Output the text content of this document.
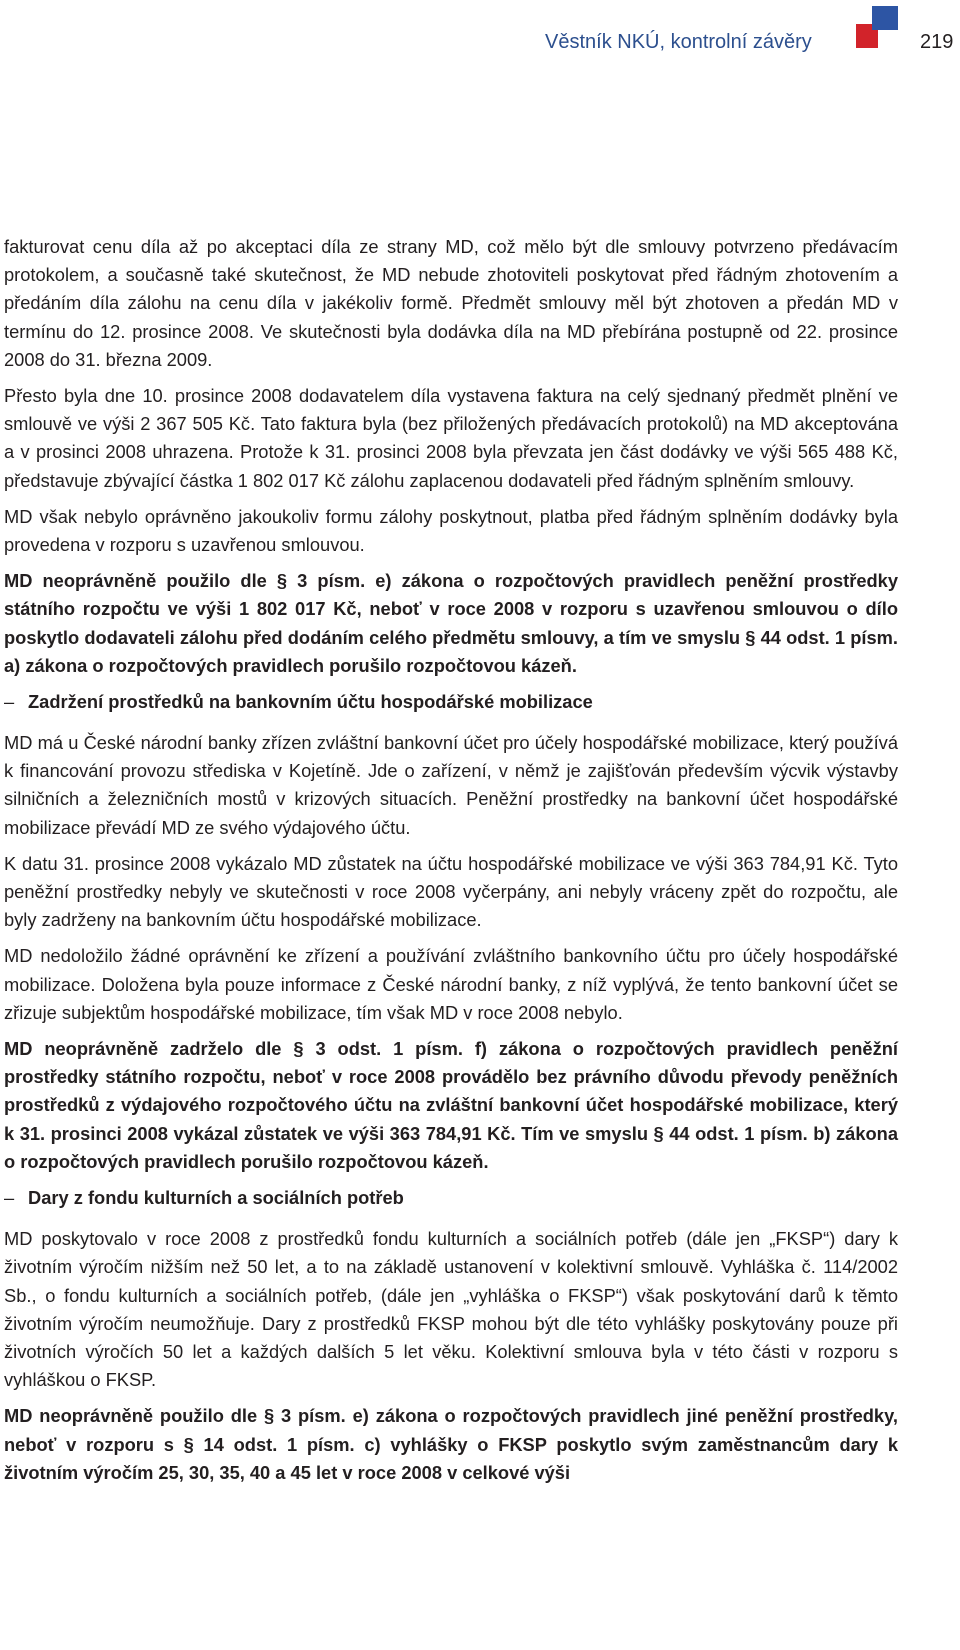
Věstník NKÚ, kontrolní závěry	219

fakturovat cenu díla až po akceptaci díla ze strany MD, což mělo být dle smlouvy potvrzeno předávacím protokolem, a současně také skutečnost, že MD nebude zhotoviteli poskytovat před řádným zhotovením a předáním díla zálohu na cenu díla v jakékoliv formě. Předmět smlouvy měl být zhotoven a předán MD v termínu do 12. prosince 2008. Ve skutečnosti byla dodávka díla na MD přebírána postupně od 22. prosince 2008 do 31. března 2009.

Přesto byla dne 10. prosince 2008 dodavatelem díla vystavena faktura na celý sjednaný předmět plnění ve smlouvě ve výši 2 367 505 Kč. Tato faktura byla (bez přiložených předávacích protokolů) na MD akceptována a v prosinci 2008 uhrazena. Protože k 31. prosinci 2008 byla převzata jen část dodávky ve výši 565 488 Kč, představuje zbývající částka 1 802 017 Kč zálohu zaplacenou dodavateli před řádným splněním smlouvy.

MD však nebylo oprávněno jakoukoliv formu zálohy poskytnout, platba před řádným splněním dodávky byla provedena v rozporu s uzavřenou smlouvou.

MD neoprávněně použilo dle § 3 písm. e) zákona o rozpočtových pravidlech peněžní prostředky státního rozpočtu ve výši 1 802 017 Kč, neboť v roce 2008 v rozporu s uzavřenou smlouvou o dílo poskytlo dodavateli zálohu před dodáním celého předmětu smlouvy, a tím ve smyslu § 44 odst. 1 písm. a) zákona o rozpočtových pravidlech porušilo rozpočtovou kázeň.

– Zadržení prostředků na bankovním účtu hospodářské mobilizace

MD má u České národní banky zřízen zvláštní bankovní účet pro účely hospodářské mobilizace, který používá k financování provozu střediska v Kojetíně. Jde o zařízení, v němž je zajišťován především výcvik výstavby silničních a železničních mostů v krizových situacích. Peněžní prostředky na bankovní účet hospodářské mobilizace převádí MD ze svého výdajového účtu.

K datu 31. prosince 2008 vykázalo MD zůstatek na účtu hospodářské mobilizace ve výši 363 784,91 Kč. Tyto peněžní prostředky nebyly ve skutečnosti v roce 2008 vyčerpány, ani nebyly vráceny zpět do rozpočtu, ale byly zadrženy na bankovním účtu hospodářské mobilizace.

MD nedoložilo žádné oprávnění ke zřízení a používání zvláštního bankovního účtu pro účely hospodářské mobilizace. Doložena byla pouze informace z České národní banky, z níž vyplývá, že tento bankovní účet se zřizuje subjektům hospodářské mobilizace, tím však MD v roce 2008 nebylo.

MD neoprávněně zadrželo dle § 3 odst. 1 písm. f) zákona o rozpočtových pravidlech peněžní prostředky státního rozpočtu, neboť v roce 2008 provádělo bez právního důvodu převody peněžních prostředků z výdajového rozpočtového účtu na zvláštní bankovní účet hospodářské mobilizace, který k 31. prosinci 2008 vykázal zůstatek ve výši 363 784,91 Kč. Tím ve smyslu § 44 odst. 1 písm. b) zákona o rozpočtových pravidlech porušilo rozpočtovou kázeň.

– Dary z fondu kulturních a sociálních potřeb

MD poskytovalo v roce 2008 z prostředků fondu kulturních a sociálních potřeb (dále jen „FKSP“) dary k životním výročím nižším než 50 let, a to na základě ustanovení v kolektivní smlouvě. Vyhláška č. 114/2002 Sb., o fondu kulturních a sociálních potřeb, (dále jen „vyhláška o FKSP“) však poskytování darů k těmto životním výročím neumožňuje. Dary z prostředků FKSP mohou být dle této vyhlášky poskytovány pouze při životních výročích 50 let a každých dalších 5 let věku. Kolektivní smlouva byla v této části v rozporu s vyhláškou o FKSP.

MD neoprávněně použilo dle § 3 písm. e) zákona o rozpočtových pravidlech jiné peněžní prostředky, neboť v rozporu s § 14 odst. 1 písm. c) vyhlášky o FKSP poskytlo svým zaměstnancům dary k životním výročím 25, 30, 35, 40 a 45 let v roce 2008 v celkové výši
